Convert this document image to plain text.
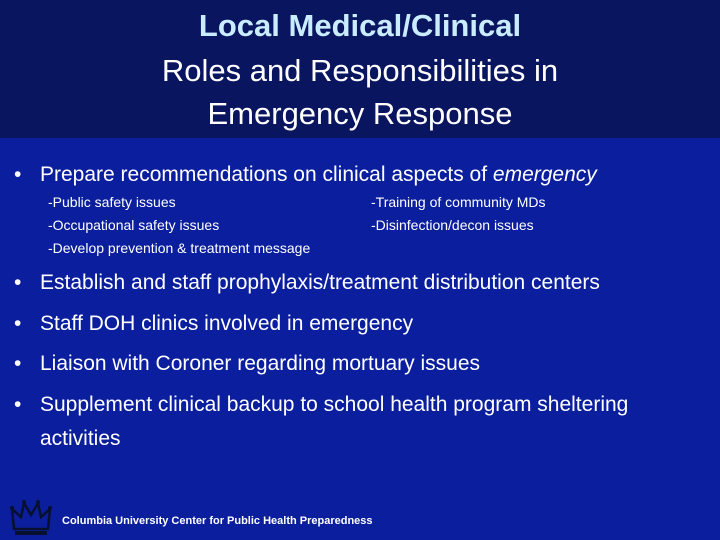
Local Medical/Clinical
Roles and Responsibilities in
Emergency Response
• Prepare recommendations on clinical aspects of emergency
-Public safety issues
-Occupational safety issues
-Develop prevention & treatment message
-Training of community MDs
-Disinfection/decon issues
• Establish and staff prophylaxis/treatment distribution centers
• Staff DOH clinics involved in emergency
• Liaison with Coroner regarding mortuary issues
• Supplement clinical backup to school health program sheltering
activities
Columbia University Center for Public Health Preparedness
